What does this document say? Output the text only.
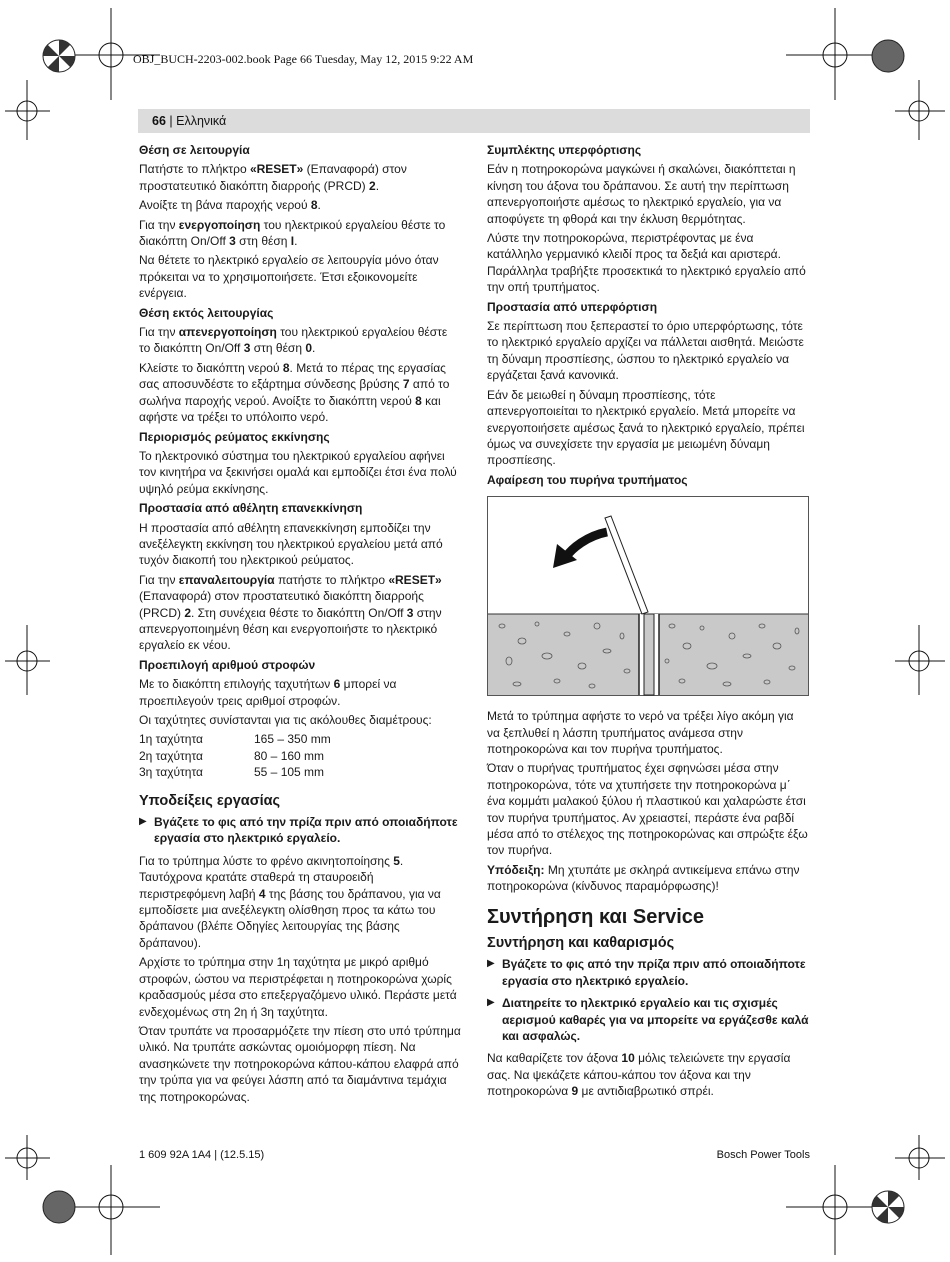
OBJ_BUCH-2203-002.book Page 66 Tuesday, May 12, 2015 9:22 AM
66 | Ελληνικά
Θέση σε λειτουργία

Πατήστε το πλήκτρο «RESET» (Επαναφορά) στον προστατευτικό διακόπτη διαρροής (PRCD) 2.

Ανοίξτε τη βάνα παροχής νερού 8.

Για την ενεργοποίηση του ηλεκτρικού εργαλείου θέστε το διακόπτη On/Off 3 στη θέση I.

Να θέτετε το ηλεκτρικό εργαλείο σε λειτουργία μόνο όταν πρόκειται να το χρησιμοποιήσετε. Έτσι εξοικονομείτε ενέργεια.

Θέση εκτός λειτουργίας

Για την απενεργοποίηση του ηλεκτρικού εργαλείου θέστε το διακόπτη On/Off 3 στη θέση 0.

Κλείστε το διακόπτη νερού 8. Μετά το πέρας της εργασίας σας αποσυνδέστε το εξάρτημα σύνδεσης βρύσης 7 από το σωλήνα παροχής νερού. Ανοίξτε το διακόπτη νερού 8 και αφήστε να τρέξει το υπόλοιπο νερό.

Περιορισμός ρεύματος εκκίνησης

Το ηλεκτρονικό σύστημα του ηλεκτρικού εργαλείου αφήνει τον κινητήρα να ξεκινήσει ομαλά και εμποδίζει έτσι ένα πολύ υψηλό ρεύμα εκκίνησης.

Προστασία από αθέλητη επανεκκίνηση

Η προστασία από αθέλητη επανεκκίνηση εμποδίζει την ανεξέλεγκτη εκκίνηση του ηλεκτρικού εργαλείου μετά από τυχόν διακοπή του ηλεκτρικού ρεύματος.

Για την επαναλειτουργία πατήστε το πλήκτρο «RESET» (Επαναφορά) στον προστατευτικό διακόπτη διαρροής (PRCD) 2. Στη συνέχεια θέστε το διακόπτη On/Off 3 στην απενεργοποιημένη θέση και ενεργοποιήστε το ηλεκτρικό εργαλείο εκ νέου.

Προεπιλογή αριθμού στροφών

Με το διακόπτη επιλογής ταχυτήτων 6 μπορεί να προεπιλεγούν τρεις αριθμοί στροφών.

Οι ταχύτητες συνίστανται για τις ακόλουθες διαμέτρους:

1η ταχύτητα	165 – 350 mm
2η ταχύτητα	80 – 160 mm
3η ταχύτητα	55 – 105 mm
Υποδείξεις εργασίας
▶ Βγάζετε το φις από την πρίζα πριν από οποιαδήποτε εργασία στο ηλεκτρικό εργαλείο.

Για το τρύπημα λύστε το φρένο ακινητοποίησης 5. Ταυτόχρονα κρατάτε σταθερά τη σταυροειδή περιστρεφόμενη λαβή 4 της βάσης του δράπανου, για να εμποδίσετε μια ανεξέλεγκτη ολίσθηση προς τα κάτω του δράπανου (βλέπε Οδηγίες λειτουργίας της βάσης δράπανου).

Αρχίστε το τρύπημα στην 1η ταχύτητα με μικρό αριθμό στροφών, ώστου να περιστρέφεται η ποτηροκορώνα χωρίς κραδασμούς μέσα στο επεξεργαζόμενο υλικό. Περάστε μετά ενδεχομένως στη 2η ή 3η ταχύτητα.

Όταν τρυπάτε να προσαρμόζετε την πίεση στο υπό τρύπημα υλικό. Να τρυπάτε ασκώντας ομοιόμορφη πίεση. Να ανασηκώνετε την ποτηροκορώνα κάπου-κάπου ελαφρά από την τρύπα για να φεύγει λάσπη από τα διαμάντινα τεμάχια της ποτηροκορώνας.

Συμπλέκτης υπερφόρτισης

Εάν η ποτηροκορώνα μαγκώνει ή σκαλώνει, διακόπτεται η κίνηση του άξονα του δράπανου. Σε αυτή την περίπτωση απενεργοποιήστε αμέσως το ηλεκτρικό εργαλείο, για να αποφύγετε τη φθορά και την έκλυση θερμότητας.

Λύστε την ποτηροκορώνα, περιστρέφοντας με ένα κατάλληλο γερμανικό κλειδί προς τα δεξιά και αριστερά. Παράλληλα τραβήξτε προσεκτικά το ηλεκτρικό εργαλείο από την οπή τρυπήματος.

Προστασία από υπερφόρτιση

Σε περίπτωση που ξεπεραστεί το όριο υπερφόρτωσης, τότε το ηλεκτρικό εργαλείο αρχίζει να πάλλεται αισθητά. Μειώστε τη δύναμη προσπίεσης, ώσπου το ηλεκτρικό εργαλείο να εργάζεται ξανά κανονικά.

Εάν δε μειωθεί η δύναμη προσπίεσης, τότε απενεργοποιείται το ηλεκτρικό εργαλείο. Μετά μπορείτε να ενεργοποιήσετε αμέσως ξανά το ηλεκτρικό εργαλείο, πρέπει όμως να συνεχίσετε την εργασία με μειωμένη δύναμη προσπίεσης.

Αφαίρεση του πυρήνα τρυπήματος

Μετά το τρύπημα αφήστε το νερό να τρέξει λίγο ακόμη για να ξεπλυθεί η λάσπη τρυπήματος ανάμεσα στην ποτηροκορώνα και τον πυρήνα τρυπήματος.

Όταν ο πυρήνας τρυπήματος έχει σφηνώσει μέσα στην ποτηροκορώνα, τότε να χτυπήσετε την ποτηροκορώνα μ΄ ένα κομμάτι μαλακού ξύλου ή πλαστικού και χαλαρώστε έτσι τον πυρήνα τρυπήματος. Αν χρειαστεί, περάστε ένα ραβδί μέσα από το στέλεχος της ποτηροκορώνας και σπρώξτε έξω τον πυρήνα.

Υπόδειξη: Μη χτυπάτε με σκληρά αντικείμενα επάνω στην ποτηροκορώνα (κίνδυνος παραμόρφωσης)!

Συντήρηση και Service
Συντήρηση και καθαρισμός
▶ Βγάζετε το φις από την πρίζα πριν από οποιαδήποτε εργασία στο ηλεκτρικό εργαλείο.
▶ Διατηρείτε το ηλεκτρικό εργαλείο και τις σχισμές αερισμού καθαρές για να μπορείτε να εργάζεσθε καλά και ασφαλώς.

Να καθαρίζετε τον άξονα 10 μόλις τελειώνετε την εργασία σας. Να ψεκάζετε κάπου-κάπου τον άξονα και την ποτηροκορώνα 9 με αντιδιαβρωτικό σπρέι.

1 609 92A 1A4 | (12.5.15)	Bosch Power Tools
